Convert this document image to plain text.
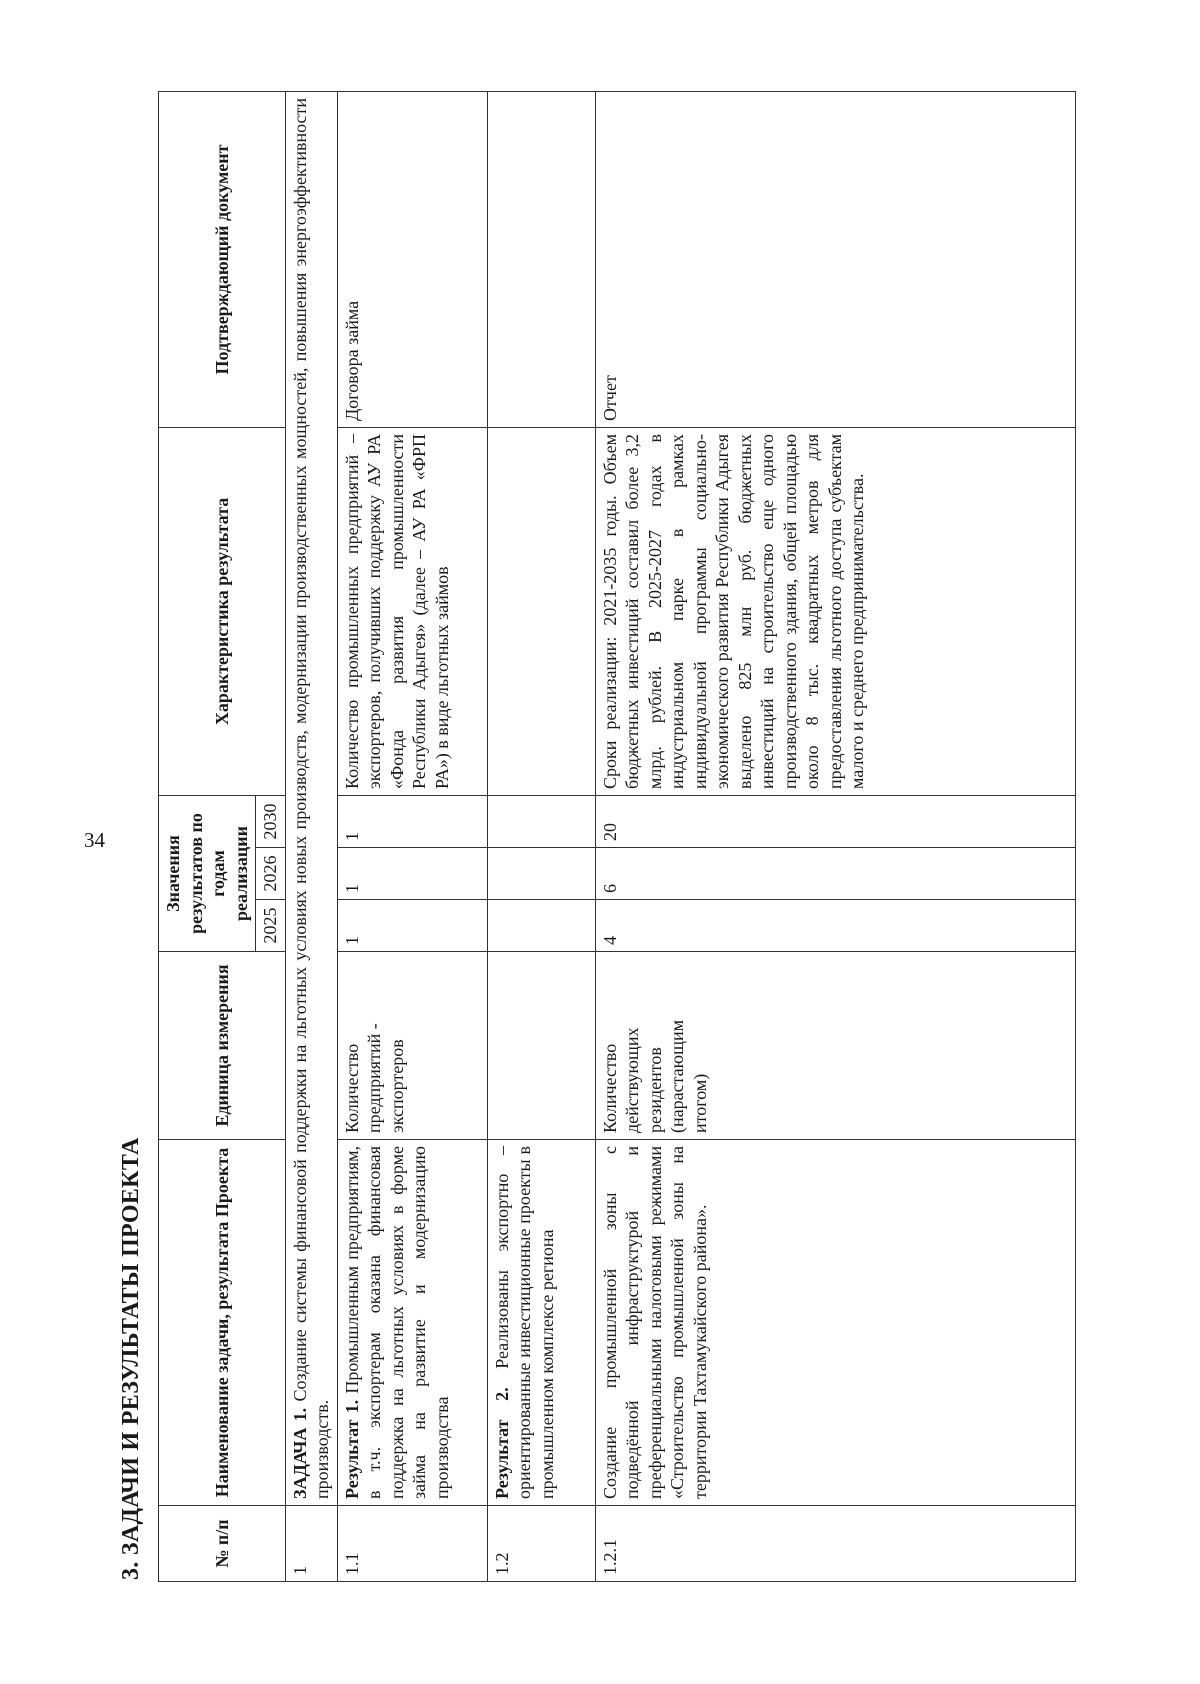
34
3. ЗАДАЧИ И РЕЗУЛЬТАТЫ ПРОЕКТА	№ п/п	Наименование задачи, результата Проекта	Единица измерения	Значения результатов по годам реализации			Характеристика результата	Подтверждающий документ
			2025	2026	2030		
1	ЗАДАЧА 1. Создание системы финансовой поддержки на льготных условиях новых производств, модернизации производственных мощностей, повышения энергоэффективности производств.						
1.1	Результат 1. Промышленным предприятиям, в т.ч. экспортерам оказана финансовая поддержка на льготных условиях в форме займа на развитие и модернизацию производства	Количество предприятий - экспортеров	1	1	1	Количество промышленных предприятий – экспортеров, получивших поддержку АУ РА «Фонда развития промышленности Республики Адыгея» (далее – АУ РА «ФРП РА») в виде льготных займов	Договора займа
1.2	Результат 2. Реализованы экспортно – ориентированные инвестиционные проекты в промышленном комплексе региона						
1.2.1	Создание промышленной зоны с подведённой инфраструктурой и преференциальными налоговыми режимами «Строительство промышленной зоны на территории Тахтамукайского района».	Количество действующих резидентов (нарастающим итогом)	4	6	20	Сроки реализации: 2021-2035 годы. Объем бюджетных инвестиций составил более 3,2 млрд. рублей. В 2025-2027 годах в индустриальном парке в рамках индивидуальной программы социально-экономического развития Республики Адыгея выделено 825 млн руб. бюджетных инвестиций на строительство еще одного производственного здания, общей площадью около 8 тыс. квадратных метров для предоставления льготного доступа субъектам малого и среднего предпринимательства.	Отчет
